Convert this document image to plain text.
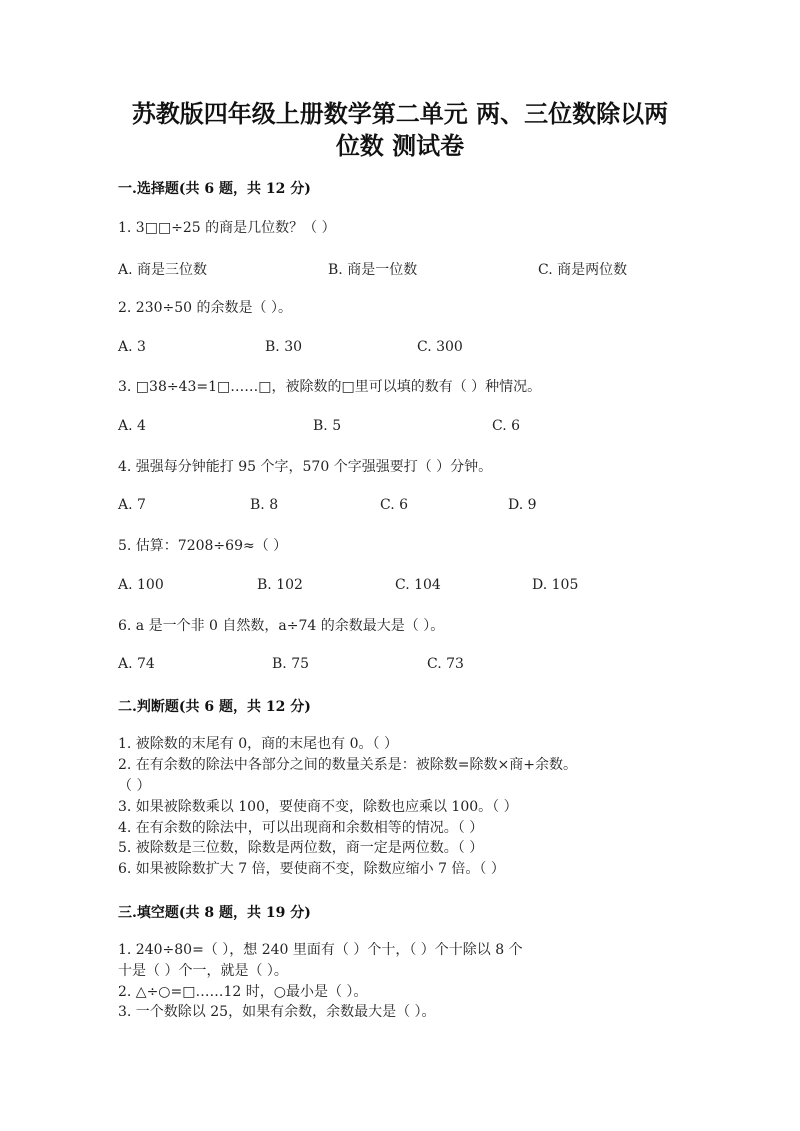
苏教版四年级上册数学第二单元 两、三位数除以两
位数 测试卷
一.选择题(共 6 题，共 12 分)
1. 3□□÷25 的商是几位数？（ ）
A. 商是三位数	B. 商是一位数	C. 商是两位数
2. 230÷50 的余数是（ ）。
A. 3	B. 30	C. 300
3. □38÷43=1□……□，被除数的□里可以填的数有（ ）种情况。
A. 4	B. 5	C. 6
4. 强强每分钟能打 95 个字，570 个字强强要打（ ）分钟。
A. 7	B. 8	C. 6	D. 9
5. 估算：7208÷69≈（ ）
A. 100	B. 102	C. 104	D. 105
6. a 是一个非 0 自然数，a÷74 的余数最大是（ ）。
A. 74	B. 75	C. 73
二.判断题(共 6 题，共 12 分)
1. 被除数的末尾有 0，商的末尾也有 0。（ ）
2. 在有余数的除法中各部分之间的数量关系是：被除数=除数×商+余数。
（ ）
3. 如果被除数乘以 100，要使商不变，除数也应乘以 100。（ ）
4. 在有余数的除法中，可以出现商和余数相等的情况。（ ）
5. 被除数是三位数，除数是两位数，商一定是两位数。（ ）
6. 如果被除数扩大 7 倍，要使商不变，除数应缩小 7 倍。（ ）
三.填空题(共 8 题，共 19 分)
1. 240÷80=（ ），想 240 里面有（ ）个十，（ ）个十除以 8 个
十是（ ）个一，就是（ ）。
2. △÷○=□……12 时，○最小是（ ）。
3. 一个数除以 25，如果有余数，余数最大是（ ）。
